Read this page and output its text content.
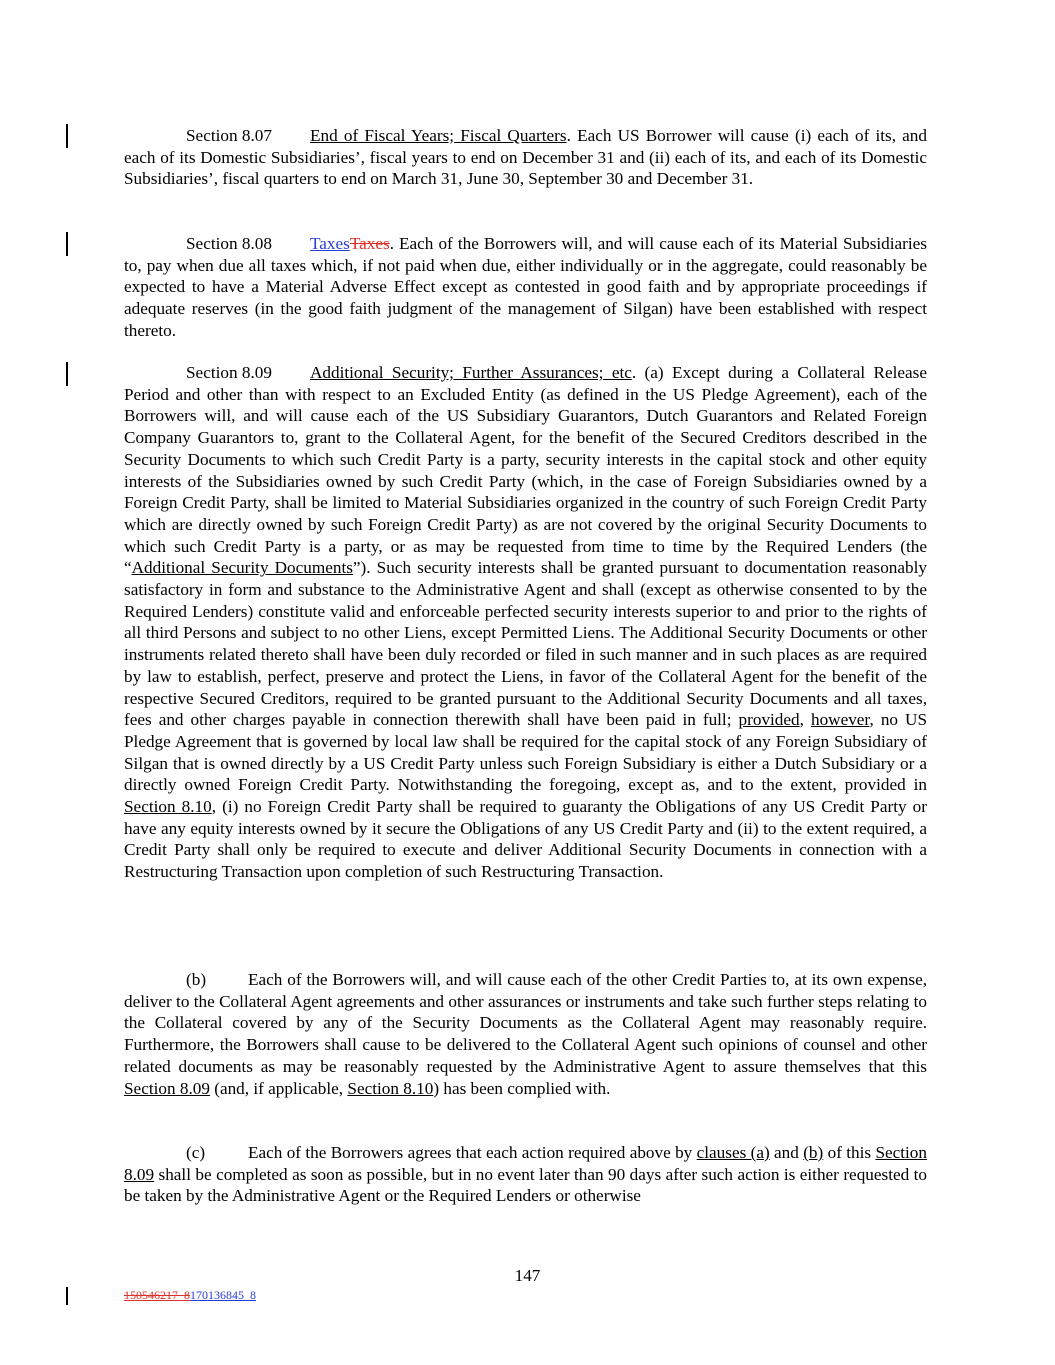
Section 8.07 End of Fiscal Years; Fiscal Quarters. Each US Borrower will cause (i) each of its, and each of its Domestic Subsidiaries’, fiscal years to end on December 31 and (ii) each of its, and each of its Domestic Subsidiaries’, fiscal quarters to end on March 31, June 30, September 30 and December 31.

Section 8.08 TaxesTaxes. Each of the Borrowers will, and will cause each of its Material Subsidiaries to, pay when due all taxes which, if not paid when due, either individually or in the aggregate, could reasonably be expected to have a Material Adverse Effect except as contested in good faith and by appropriate proceedings if adequate reserves (in the good faith judgment of the management of Silgan) have been established with respect thereto.

Section 8.09 Additional Security; Further Assurances; etc. (a) Except during a Collateral Release Period and other than with respect to an Excluded Entity (as defined in the US Pledge Agreement), each of the Borrowers will, and will cause each of the US Subsidiary Guarantors, Dutch Guarantors and Related Foreign Company Guarantors to, grant to the Collateral Agent, for the benefit of the Secured Creditors described in the Security Documents to which such Credit Party is a party, security interests in the capital stock and other equity interests of the Subsidiaries owned by such Credit Party (which, in the case of Foreign Subsidiaries owned by a Foreign Credit Party, shall be limited to Material Subsidiaries organized in the country of such Foreign Credit Party which are directly owned by such Foreign Credit Party) as are not covered by the original Security Documents to which such Credit Party is a party, or as may be requested from time to time by the Required Lenders (the “Additional Security Documents”). Such security interests shall be granted pursuant to documentation reasonably satisfactory in form and substance to the Administrative Agent and shall (except as otherwise consented to by the Required Lenders) constitute valid and enforceable perfected security interests superior to and prior to the rights of all third Persons and subject to no other Liens, except Permitted Liens. The Additional Security Documents or other instruments related thereto shall have been duly recorded or filed in such manner and in such places as are required by law to establish, perfect, preserve and protect the Liens, in favor of the Collateral Agent for the benefit of the respective Secured Creditors, required to be granted pursuant to the Additional Security Documents and all taxes, fees and other charges payable in connection therewith shall have been paid in full; provided, however, no US Pledge Agreement that is governed by local law shall be required for the capital stock of any Foreign Subsidiary of Silgan that is owned directly by a US Credit Party unless such Foreign Subsidiary is either a Dutch Subsidiary or a directly owned Foreign Credit Party. Notwithstanding the foregoing, except as, and to the extent, provided in Section 8.10, (i) no Foreign Credit Party shall be required to guaranty the Obligations of any US Credit Party or have any equity interests owned by it secure the Obligations of any US Credit Party and (ii) to the extent required, a Credit Party shall only be required to execute and deliver Additional Security Documents in connection with a Restructuring Transaction upon completion of such Restructuring Transaction.

(b) Each of the Borrowers will, and will cause each of the other Credit Parties to, at its own expense, deliver to the Collateral Agent agreements and other assurances or instruments and take such further steps relating to the Collateral covered by any of the Security Documents as the Collateral Agent may reasonably require. Furthermore, the Borrowers shall cause to be delivered to the Collateral Agent such opinions of counsel and other related documents as may be reasonably requested by the Administrative Agent to assure themselves that this Section 8.09 (and, if applicable, Section 8.10) has been complied with.

(c) Each of the Borrowers agrees that each action required above by clauses (a) and (b) of this Section 8.09 shall be completed as soon as possible, but in no event later than 90 days after such action is either requested to be taken by the Administrative Agent or the Required Lenders or otherwise

147
150546217_8170136845_8
